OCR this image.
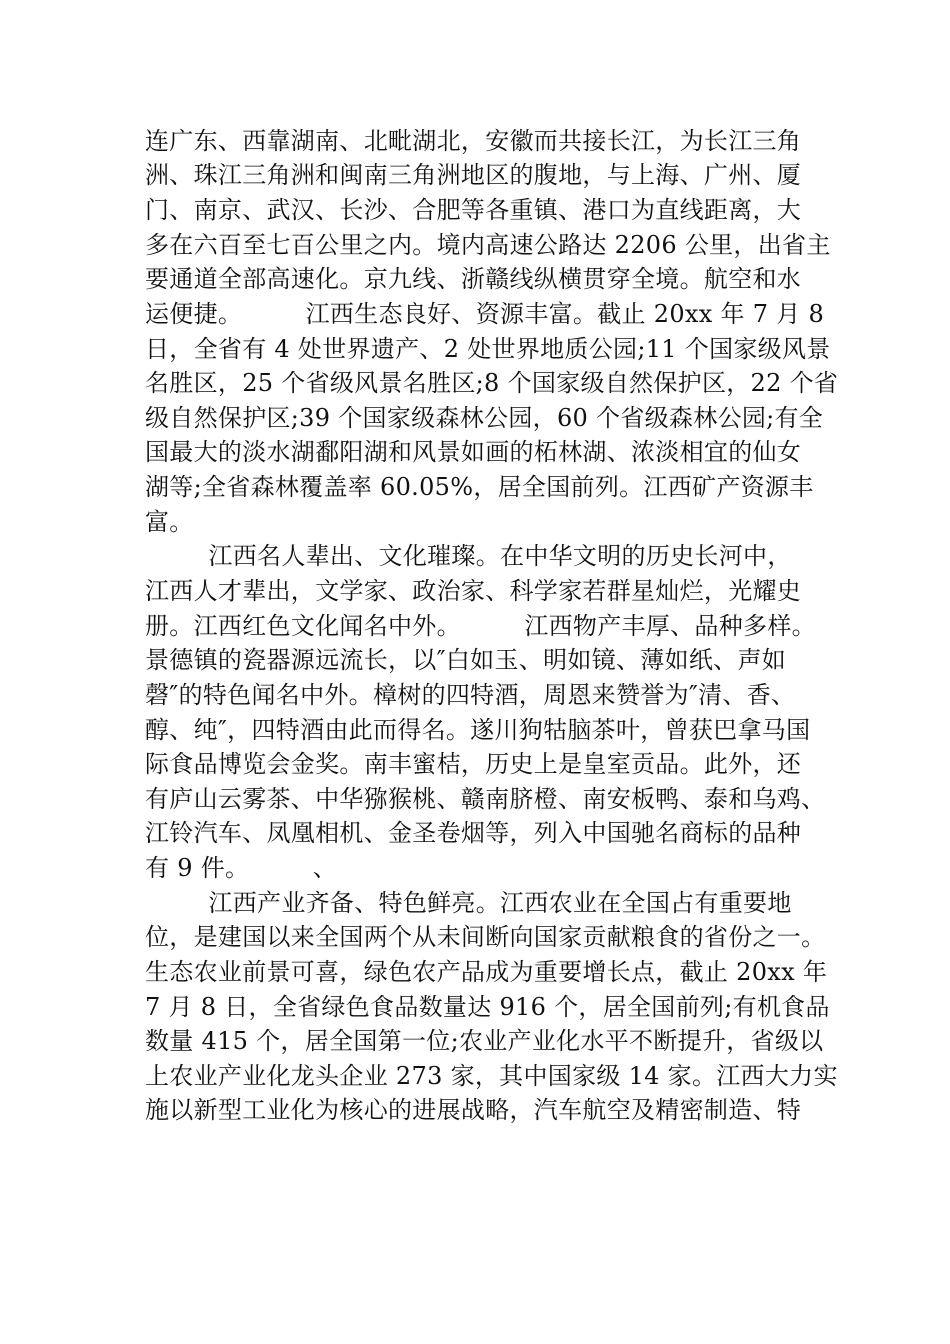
连广东、西靠湖南、北毗湖北，安徽而共接长江，为长江三角
洲、珠江三角洲和闽南三角洲地区的腹地，与上海、广州、厦
门、南京、武汉、长沙、合肥等各重镇、港口为直线距离，大
多在六百至七百公里之内。境内高速公路达 2206 公里，出省主
要通道全部高速化。京九线、浙赣线纵横贯穿全境。航空和水
运便捷。        江西生态良好、资源丰富。截止 20xx 年 7 月 8
日，全省有 4 处世界遗产、2 处世界地质公园;11 个国家级风景
名胜区，25 个省级风景名胜区;8 个国家级自然保护区，22 个省
级自然保护区;39 个国家级森林公园，60 个省级森林公园;有全
国最大的淡水湖鄱阳湖和风景如画的柘林湖、浓淡相宜的仙女
湖等;全省森林覆盖率 60.05%，居全国前列。江西矿产资源丰
富。
江西名人辈出、文化璀璨。在中华文明的历史长河中，
江西人才辈出，文学家、政治家、科学家若群星灿烂，光耀史
册。江西红色文化闻名中外。        江西物产丰厚、品种多样。
景德镇的瓷器源远流长，以″白如玉、明如镜、薄如纸、声如
磬″的特色闻名中外。樟树的四特酒，周恩来赞誉为″清、香、
醇、纯″，四特酒由此而得名。遂川狗牯脑茶叶，曾获巴拿马国
际食品博览会金奖。南丰蜜桔，历史上是皇室贡品。此外，还
有庐山云雾茶、中华猕猴桃、赣南脐橙、南安板鸭、泰和乌鸡、
江铃汽车、凤凰相机、金圣卷烟等，列入中国驰名商标的品种
有 9 件。        、
江西产业齐备、特色鲜亮。江西农业在全国占有重要地
位，是建国以来全国两个从未间断向国家贡献粮食的省份之一。
生态农业前景可喜，绿色农产品成为重要增长点，截止 20xx 年
7 月 8 日，全省绿色食品数量达 916 个，居全国前列;有机食品
数量 415 个，居全国第一位;农业产业化水平不断提升，省级以
上农业产业化龙头企业 273 家，其中国家级 14 家。江西大力实
施以新型工业化为核心的进展战略，汽车航空及精密制造、特
